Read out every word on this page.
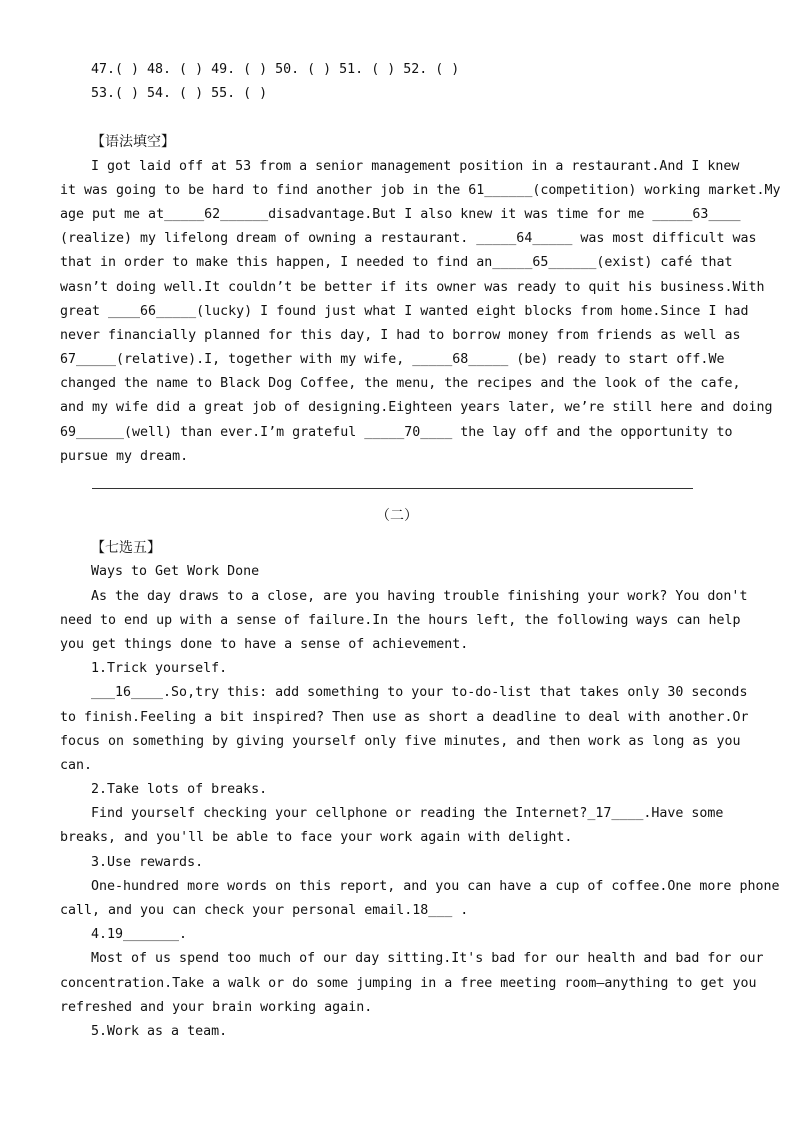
47.( ) 48. ( ) 49. ( ) 50. ( ) 51. ( ) 52. ( )
53.( ) 54. ( ) 55. ( )
【语法填空】
I got laid off at 53 from a senior management position in a restaurant.And I knew
it was going to be hard to find another job in the 61______(competition) working market.My
age put me at_____62______disadvantage.But I also knew it was time for me _____63____
(realize) my lifelong dream of owning a restaurant. _____64_____ was most difficult was
that in order to make this happen, I needed to find an_____65______(exist) café that
wasn’t doing well.It couldn’t be better if its owner was ready to quit his business.With
great ____66_____(lucky) I found just what I wanted eight blocks from home.Since I had
never financially planned for this day, I had to borrow money from friends as well as
67_____(relative).I, together with my wife, _____68_____ (be) ready to start off.We
changed the name to Black Dog Coffee, the menu, the recipes and the look of the cafe,
and my wife did a great job of designing.Eighteen years later, we’re still here and doing
69______(well) than ever.I’m grateful _____70____ the lay off and the opportunity to
pursue my dream.
（二）
【七选五】
Ways to Get Work Done
As the day draws to a close, are you having trouble finishing your work? You don't
need to end up with a sense of failure.In the hours left, the following ways can help
you get things done to have a sense of achievement.
1.Trick yourself.
___16____.So,try this: add something to your to-do-list that takes only 30 seconds
to finish.Feeling a bit inspired? Then use as short a deadline to deal with another.Or
focus on something by giving yourself only five minutes, and then work as long as you
can.
2.Take lots of breaks.
Find yourself checking your cellphone or reading the Internet?_17____.Have some
breaks, and you'll be able to face your work again with delight.
3.Use rewards.
One-hundred more words on this report, and you can have a cup of coffee.One more phone
call, and you can check your personal email.18___ .
4.19_______.
Most of us spend too much of our day sitting.It's bad for our health and bad for our
concentration.Take a walk or do some jumping in a free meeting room—anything to get you
refreshed and your brain working again.
5.Work as a team.
